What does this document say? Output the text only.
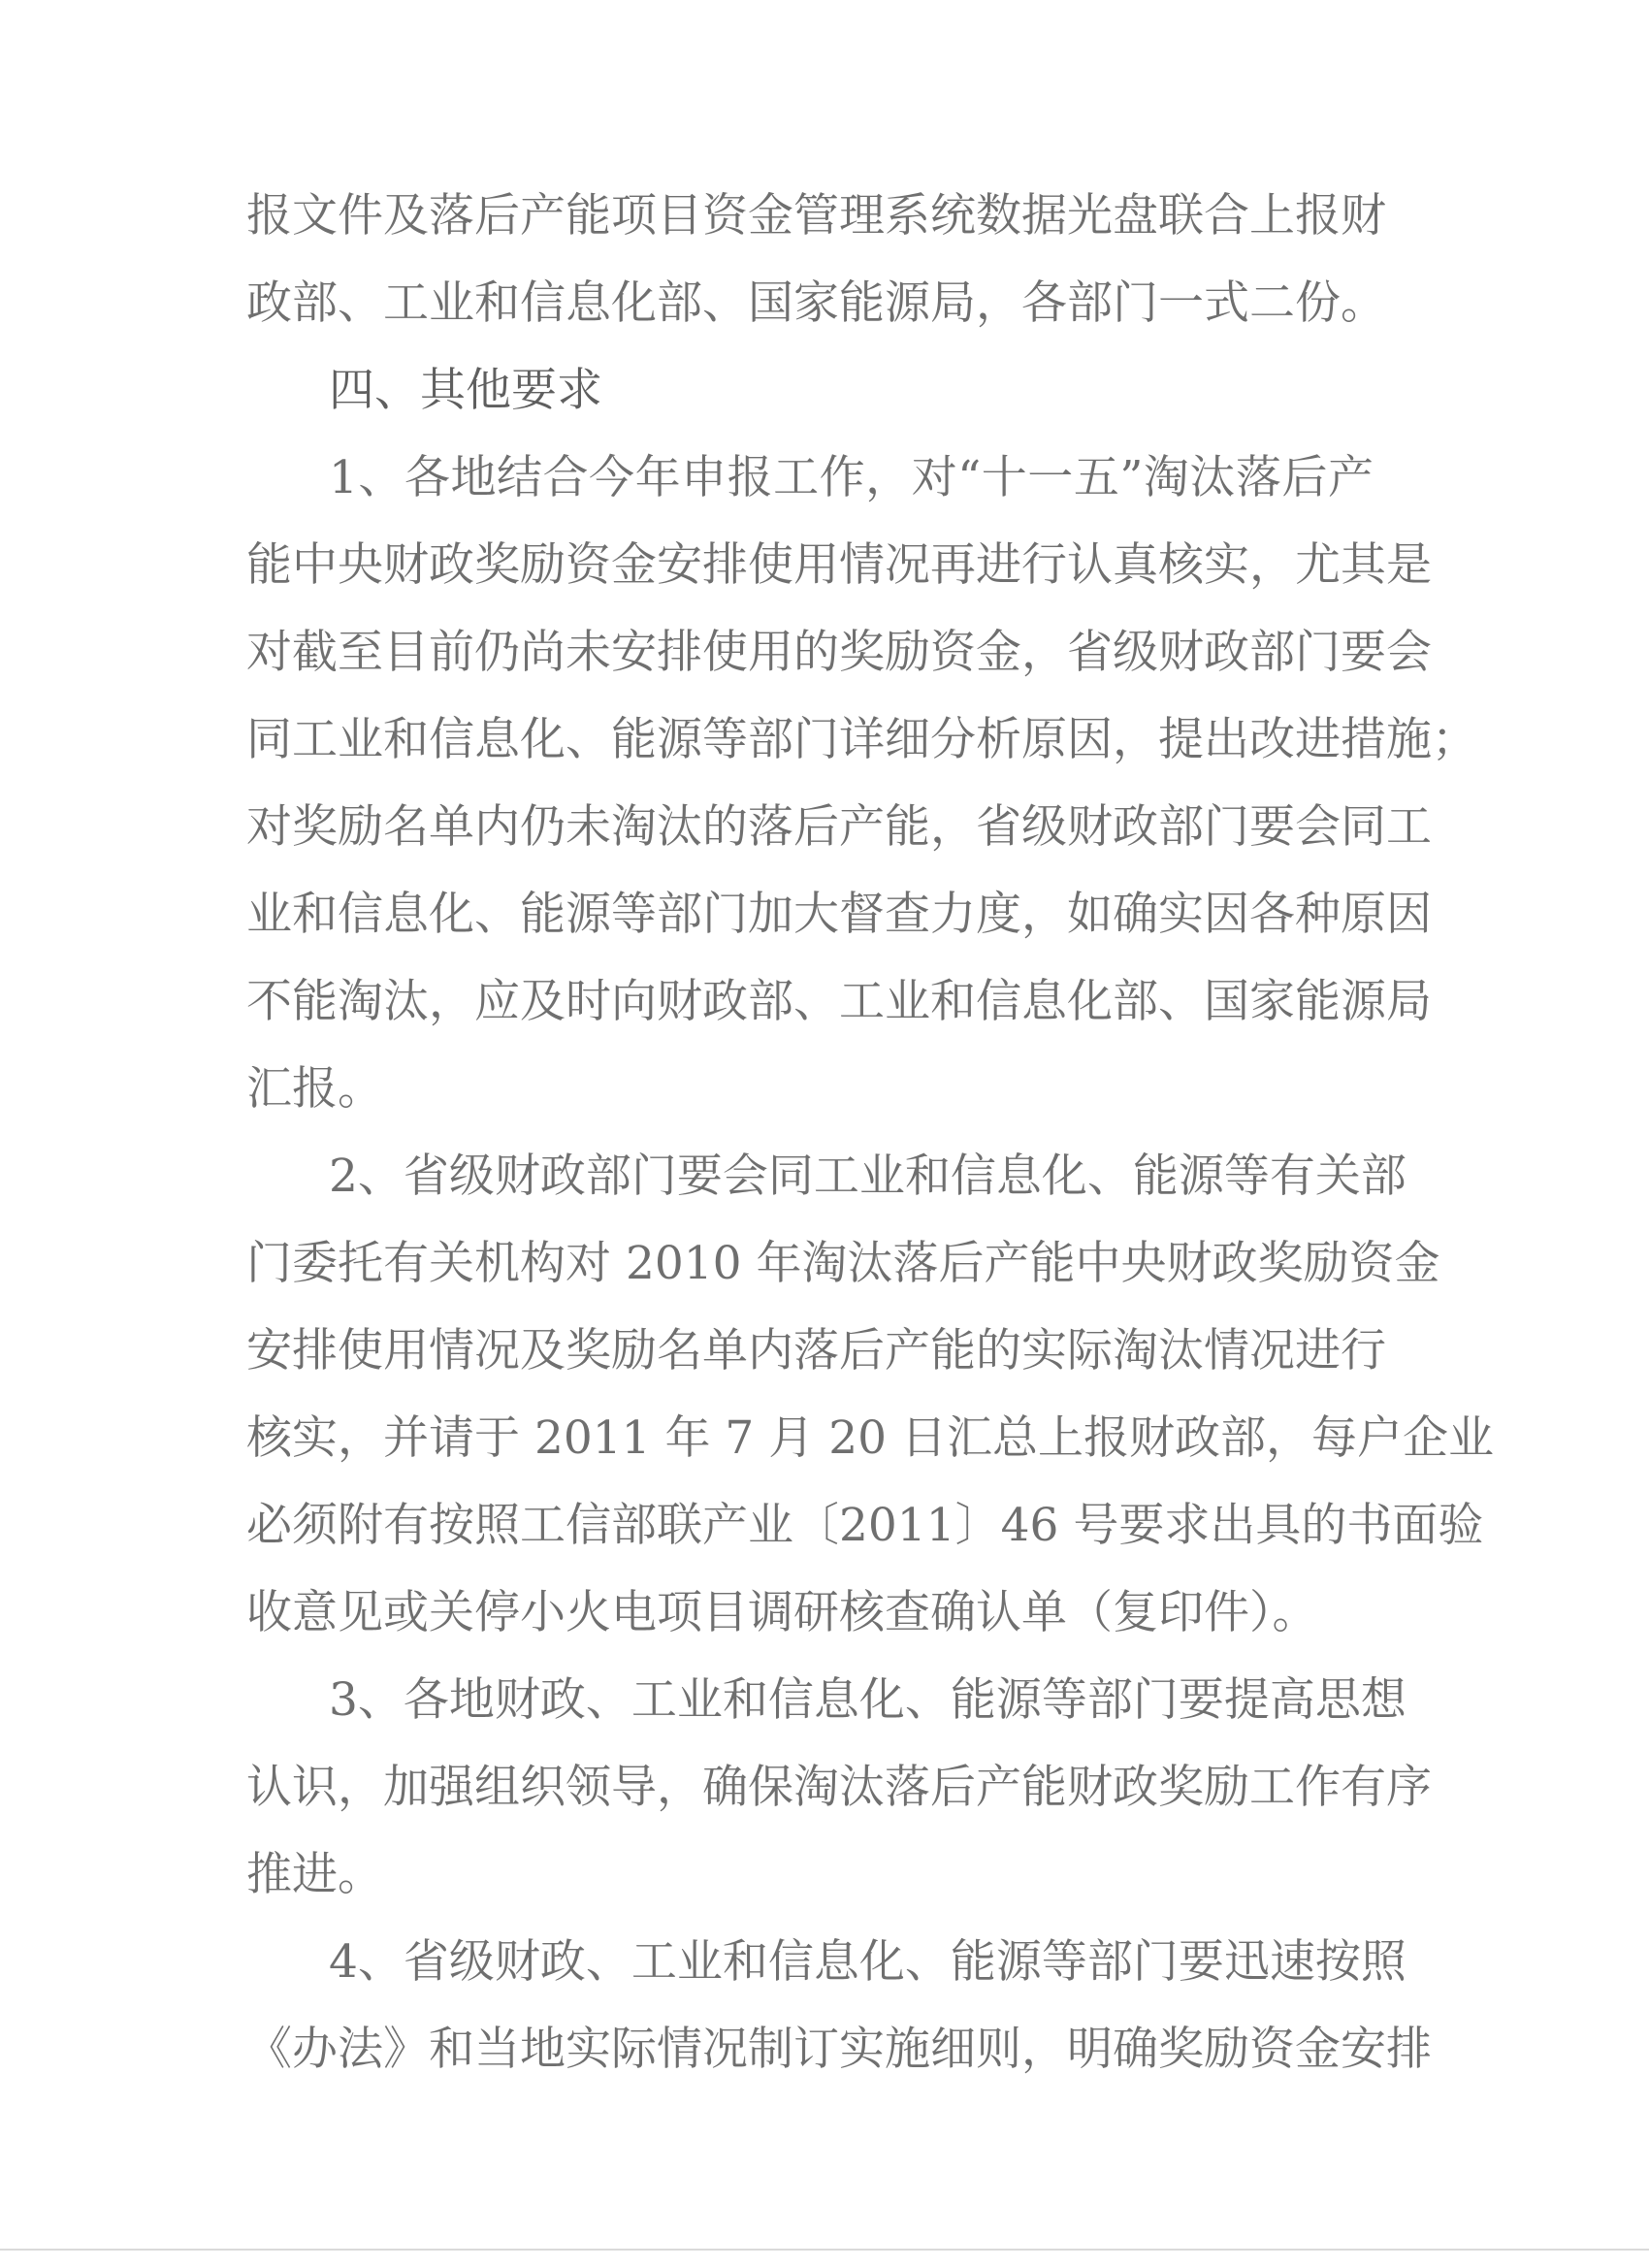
报文件及落后产能项目资金管理系统数据光盘联合上报财
政部、工业和信息化部、国家能源局，各部门一式二份。
四、其他要求
1、各地结合今年申报工作，对“十一五”淘汰落后产
能中央财政奖励资金安排使用情况再进行认真核实，尤其是
对截至目前仍尚未安排使用的奖励资金，省级财政部门要会
同工业和信息化、能源等部门详细分析原因，提出改进措施；
对奖励名单内仍未淘汰的落后产能，省级财政部门要会同工
业和信息化、能源等部门加大督查力度，如确实因各种原因
不能淘汰，应及时向财政部、工业和信息化部、国家能源局
汇报。
2、省级财政部门要会同工业和信息化、能源等有关部
门委托有关机构对 2010 年淘汰落后产能中央财政奖励资金
安排使用情况及奖励名单内落后产能的实际淘汰情况进行
核实，并请于 2011 年 7 月 20 日汇总上报财政部，每户企业
必须附有按照工信部联产业〔2011〕46 号要求出具的书面验
收意见或关停小火电项目调研核查确认单（复印件）。
3、各地财政、工业和信息化、能源等部门要提高思想
认识，加强组织领导，确保淘汰落后产能财政奖励工作有序
推进。
4、省级财政、工业和信息化、能源等部门要迅速按照
《办法》和当地实际情况制订实施细则，明确奖励资金安排
